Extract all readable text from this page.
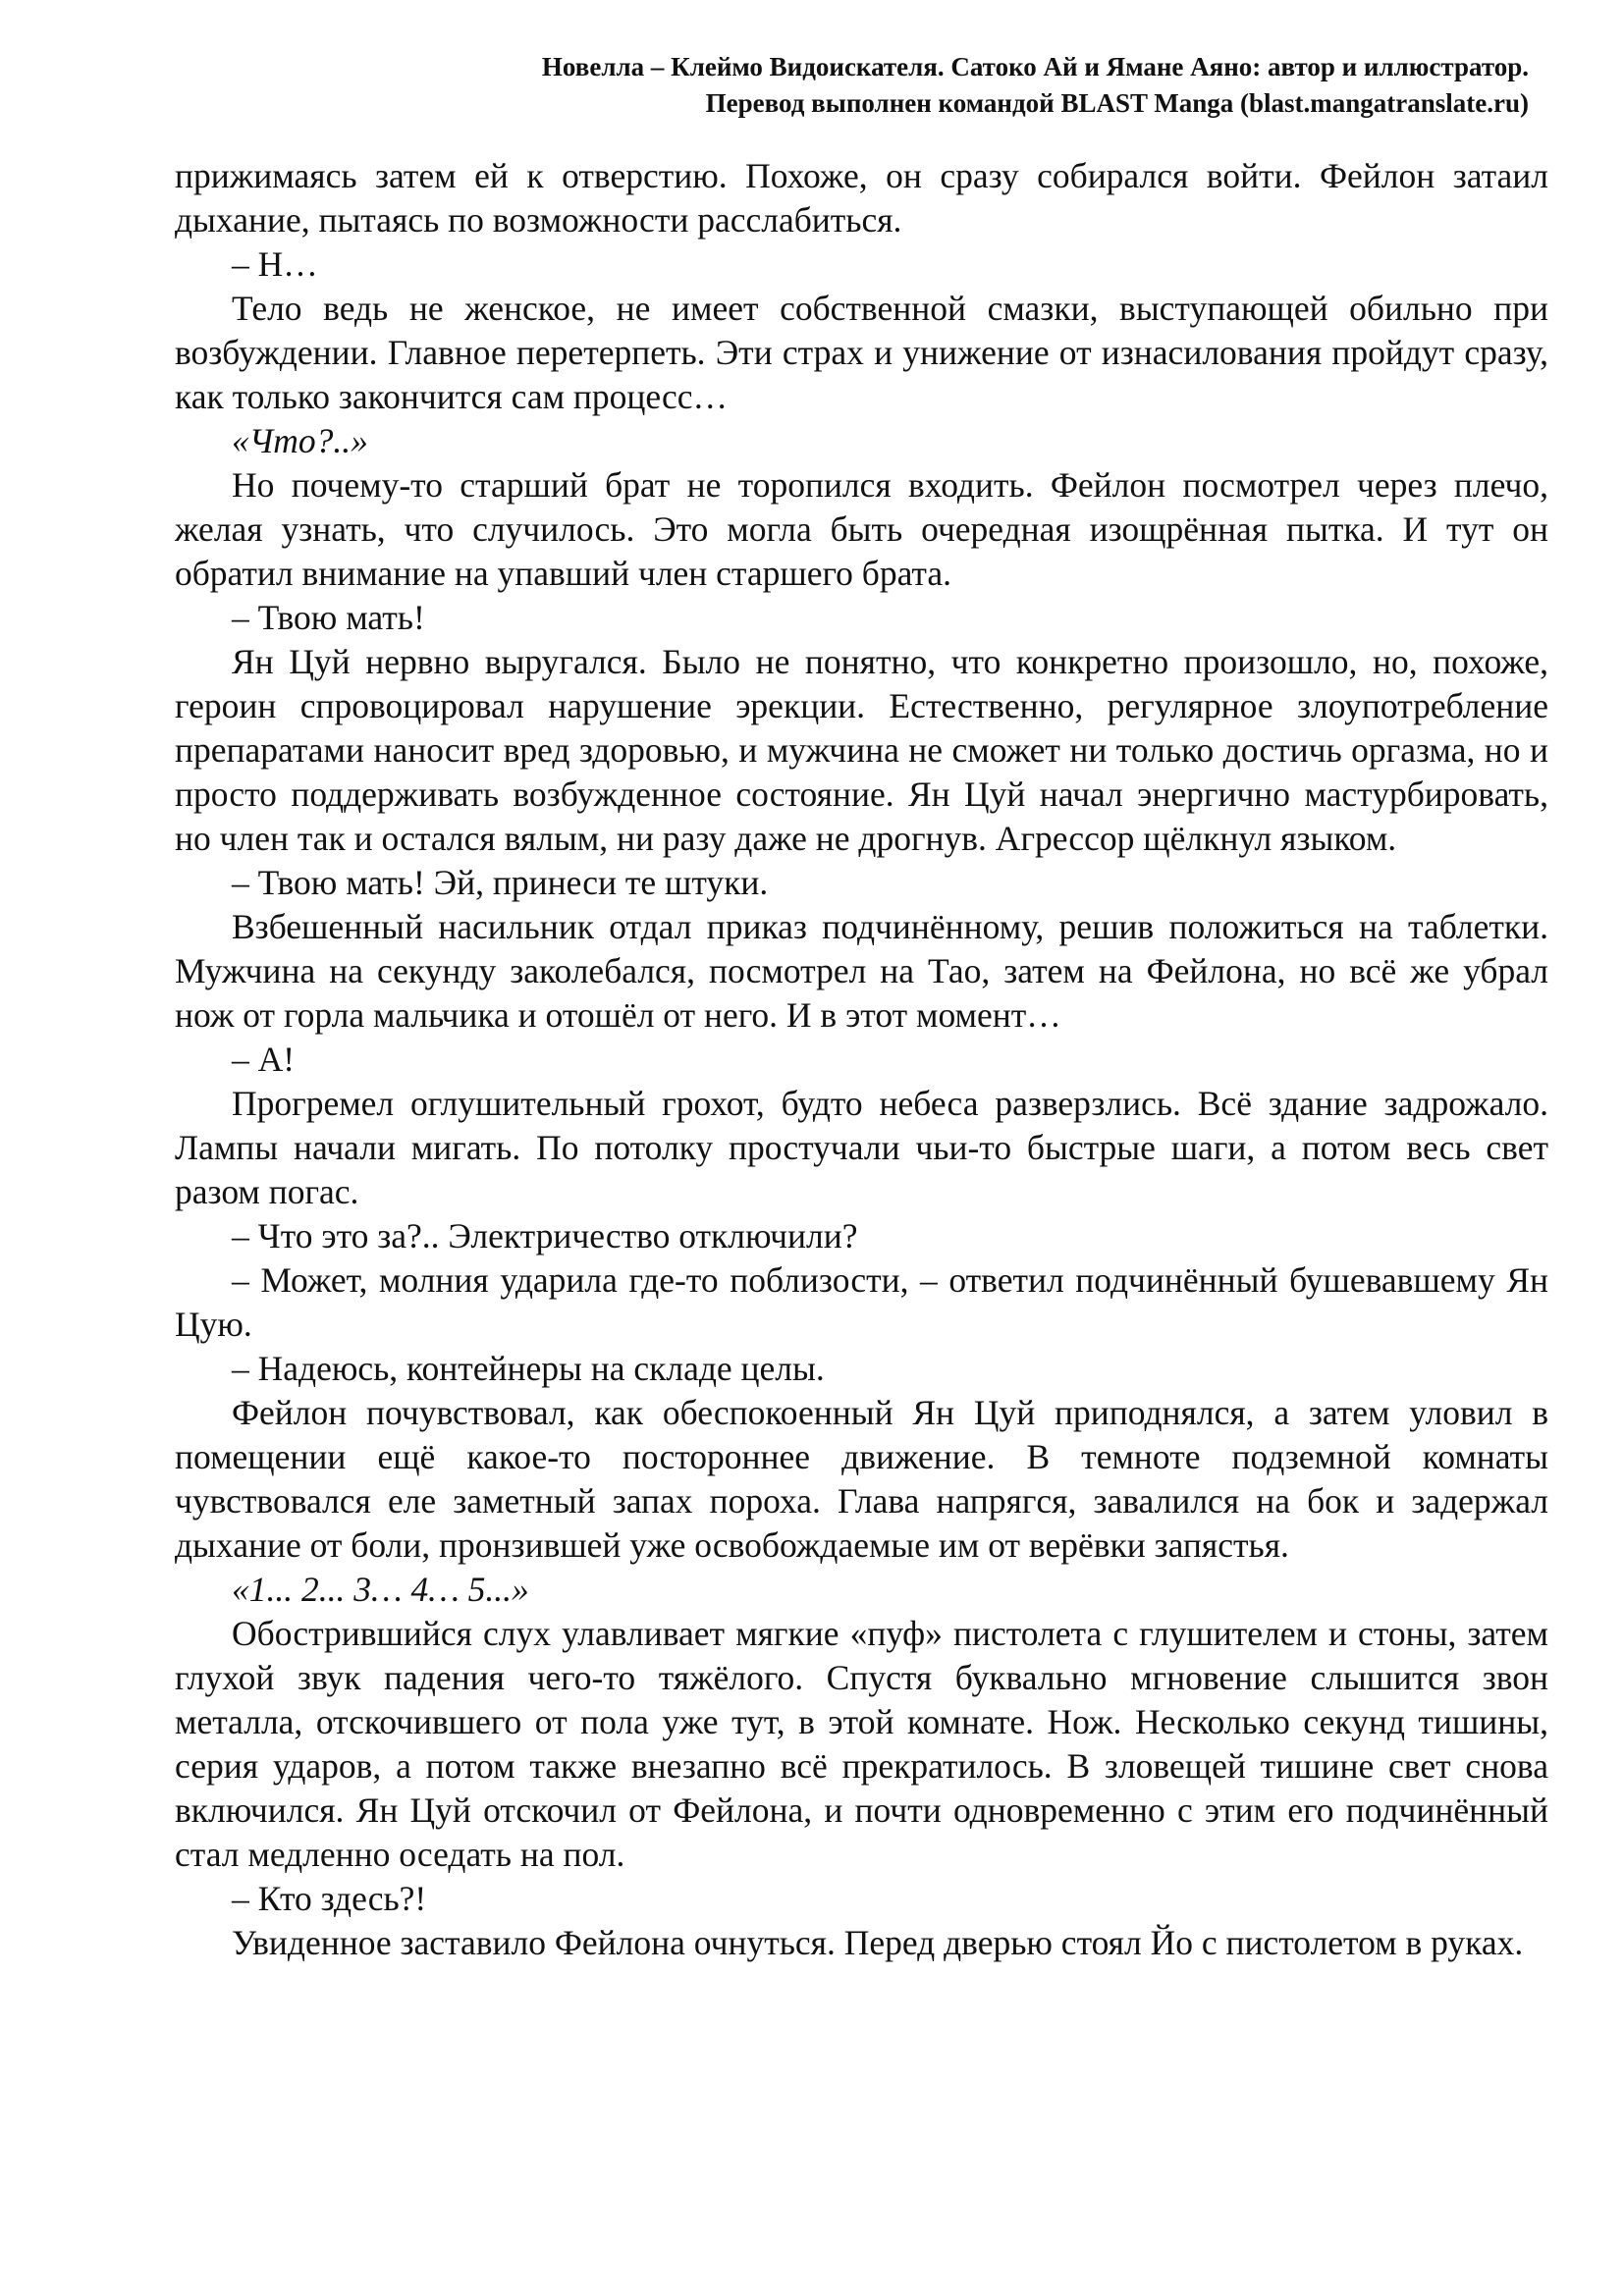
Новелла – Клеймо Видоискателя. Сатоко Ай и Ямане Аяно: автор и иллюстратор.
Перевод выполнен командой BLAST Manga (blast.mangatranslate.ru)

прижимаясь затем ей к отверстию. Похоже, он сразу собирался войти. Фейлон затаил дыхание, пытаясь по возможности расслабиться.

– Н…

Тело ведь не женское, не имеет собственной смазки, выступающей обильно при возбуждении. Главное перетерпеть. Эти страх и унижение от изнасилования пройдут сразу, как только закончится сам процесс…

«Что?..»

Но почему-то старший брат не торопился входить. Фейлон посмотрел через плечо, желая узнать, что случилось. Это могла быть очередная изощрённая пытка. И тут он обратил внимание на упавший член старшего брата.

– Твою мать!

Ян Цуй нервно выругался. Было не понятно, что конкретно произошло, но, похоже, героин спровоцировал нарушение эрекции. Естественно, регулярное злоупотребление препаратами наносит вред здоровью, и мужчина не сможет ни только достичь оргазма, но и просто поддерживать возбужденное состояние. Ян Цуй начал энергично мастурбировать, но член так и остался вялым, ни разу даже не дрогнув. Агрессор щёлкнул языком.

– Твою мать! Эй, принеси те штуки.

Взбешенный насильник отдал приказ подчинённому, решив положиться на таблетки. Мужчина на секунду заколебался, посмотрел на Тао, затем на Фейлона, но всё же убрал нож от горла мальчика и отошёл от него. И в этот момент…

– А!

Прогремел оглушительный грохот, будто небеса разверзлись. Всё здание задрожало. Лампы начали мигать. По потолку простучали чьи-то быстрые шаги, а потом весь свет разом погас.

– Что это за?.. Электричество отключили?

– Может, молния ударила где-то поблизости, – ответил подчинённый бушевавшему Ян Цую.

– Надеюсь, контейнеры на складе целы.

Фейлон почувствовал, как обеспокоенный Ян Цуй приподнялся, а затем уловил в помещении ещё какое-то постороннее движение. В темноте подземной комнаты чувствовался еле заметный запах пороха. Глава напрягся, завалился на бок и задержал дыхание от боли, пронзившей уже освобождаемые им от верёвки запястья.

«1... 2... 3… 4… 5...»

Обострившийся слух улавливает мягкие «пуф» пистолета с глушителем и стоны, затем глухой звук падения чего-то тяжёлого. Спустя буквально мгновение слышится звон металла, отскочившего от пола уже тут, в этой комнате. Нож. Несколько секунд тишины, серия ударов, а потом также внезапно всё прекратилось. В зловещей тишине свет снова включился. Ян Цуй отскочил от Фейлона, и почти одновременно с этим его подчинённый стал медленно оседать на пол.

– Кто здесь?!

Увиденное заставило Фейлона очнуться. Перед дверью стоял Йо с пистолетом в руках.
